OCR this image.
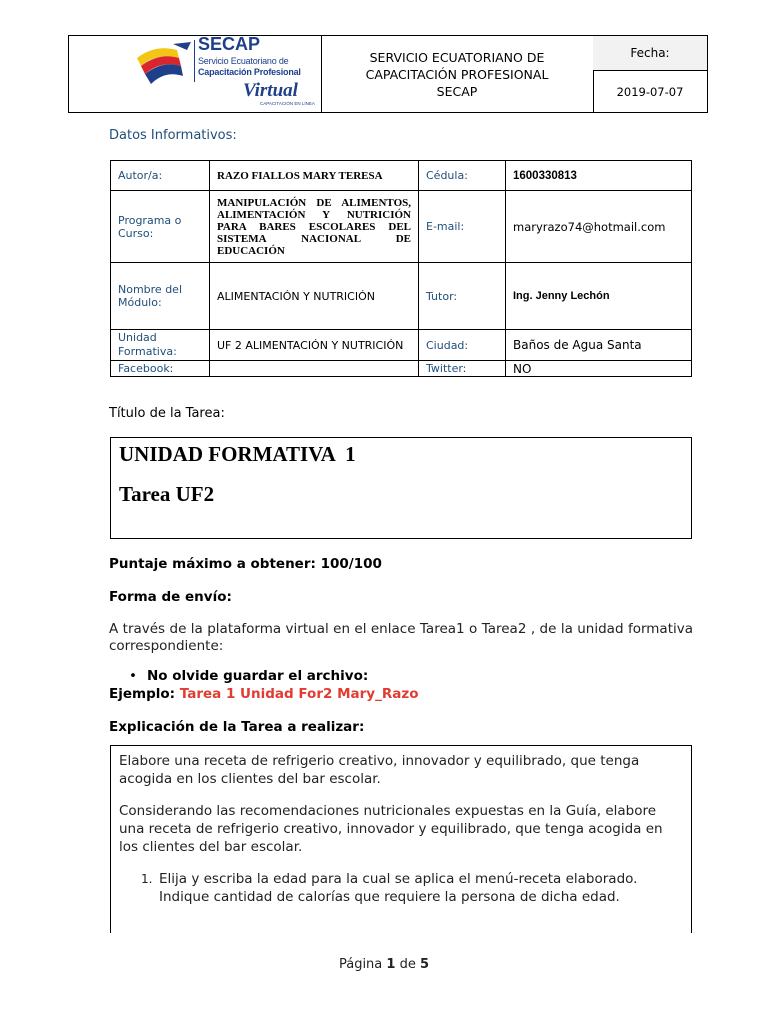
SECAP
Servicio Ecuatoriano de
Capacitación Profesional
Virtual
CAPACITACIÓN EN LÍNEA
SERVICIO ECUATORIANO DE
CAPACITACIÓN PROFESIONAL
SECAP
Fecha:
2019-07-07
Datos Informativos:
Autor/a:	RAZO FIALLOS MARY TERESA	Cédula:	1600330813
Programa o Curso:	MANIPULACIÓN DE ALIMENTOS, ALIMENTACIÓN Y NUTRICIÓN PARA BARES ESCOLARES DEL SISTEMA NACIONAL DE EDUCACIÓN	E-mail:	maryrazo74@hotmail.com
Nombre del Módulo:	ALIMENTACIÓN Y NUTRICIÓN	Tutor:	Ing. Jenny Lechón
Unidad Formativa:	UF 2 ALIMENTACIÓN Y NUTRICIÓN	Ciudad:	Baños de Agua Santa
Facebook:		Twitter:	NO
Título de la Tarea:
UNIDAD FORMATIVA  1
Tarea UF2
Puntaje máximo a obtener: 100/100
Forma de envío:
A través de la plataforma virtual en el enlace Tarea1 o Tarea2 , de la unidad formativa correspondiente:
• No olvide guardar el archivo:
Ejemplo: Tarea 1 Unidad For2 Mary_Razo
Explicación de la Tarea a realizar:

Elabore una receta de refrigerio creativo, innovador y equilibrado, que tenga acogida en los clientes del bar escolar.

Considerando las recomendaciones nutricionales expuestas en la Guía, elabore una receta de refrigerio creativo, innovador y equilibrado, que tenga acogida en los clientes del bar escolar.

1. Elija y escriba la edad para la cual se aplica el menú-receta elaborado. Indique cantidad de calorías que requiere la persona de dicha edad.
Página 1 de 5
